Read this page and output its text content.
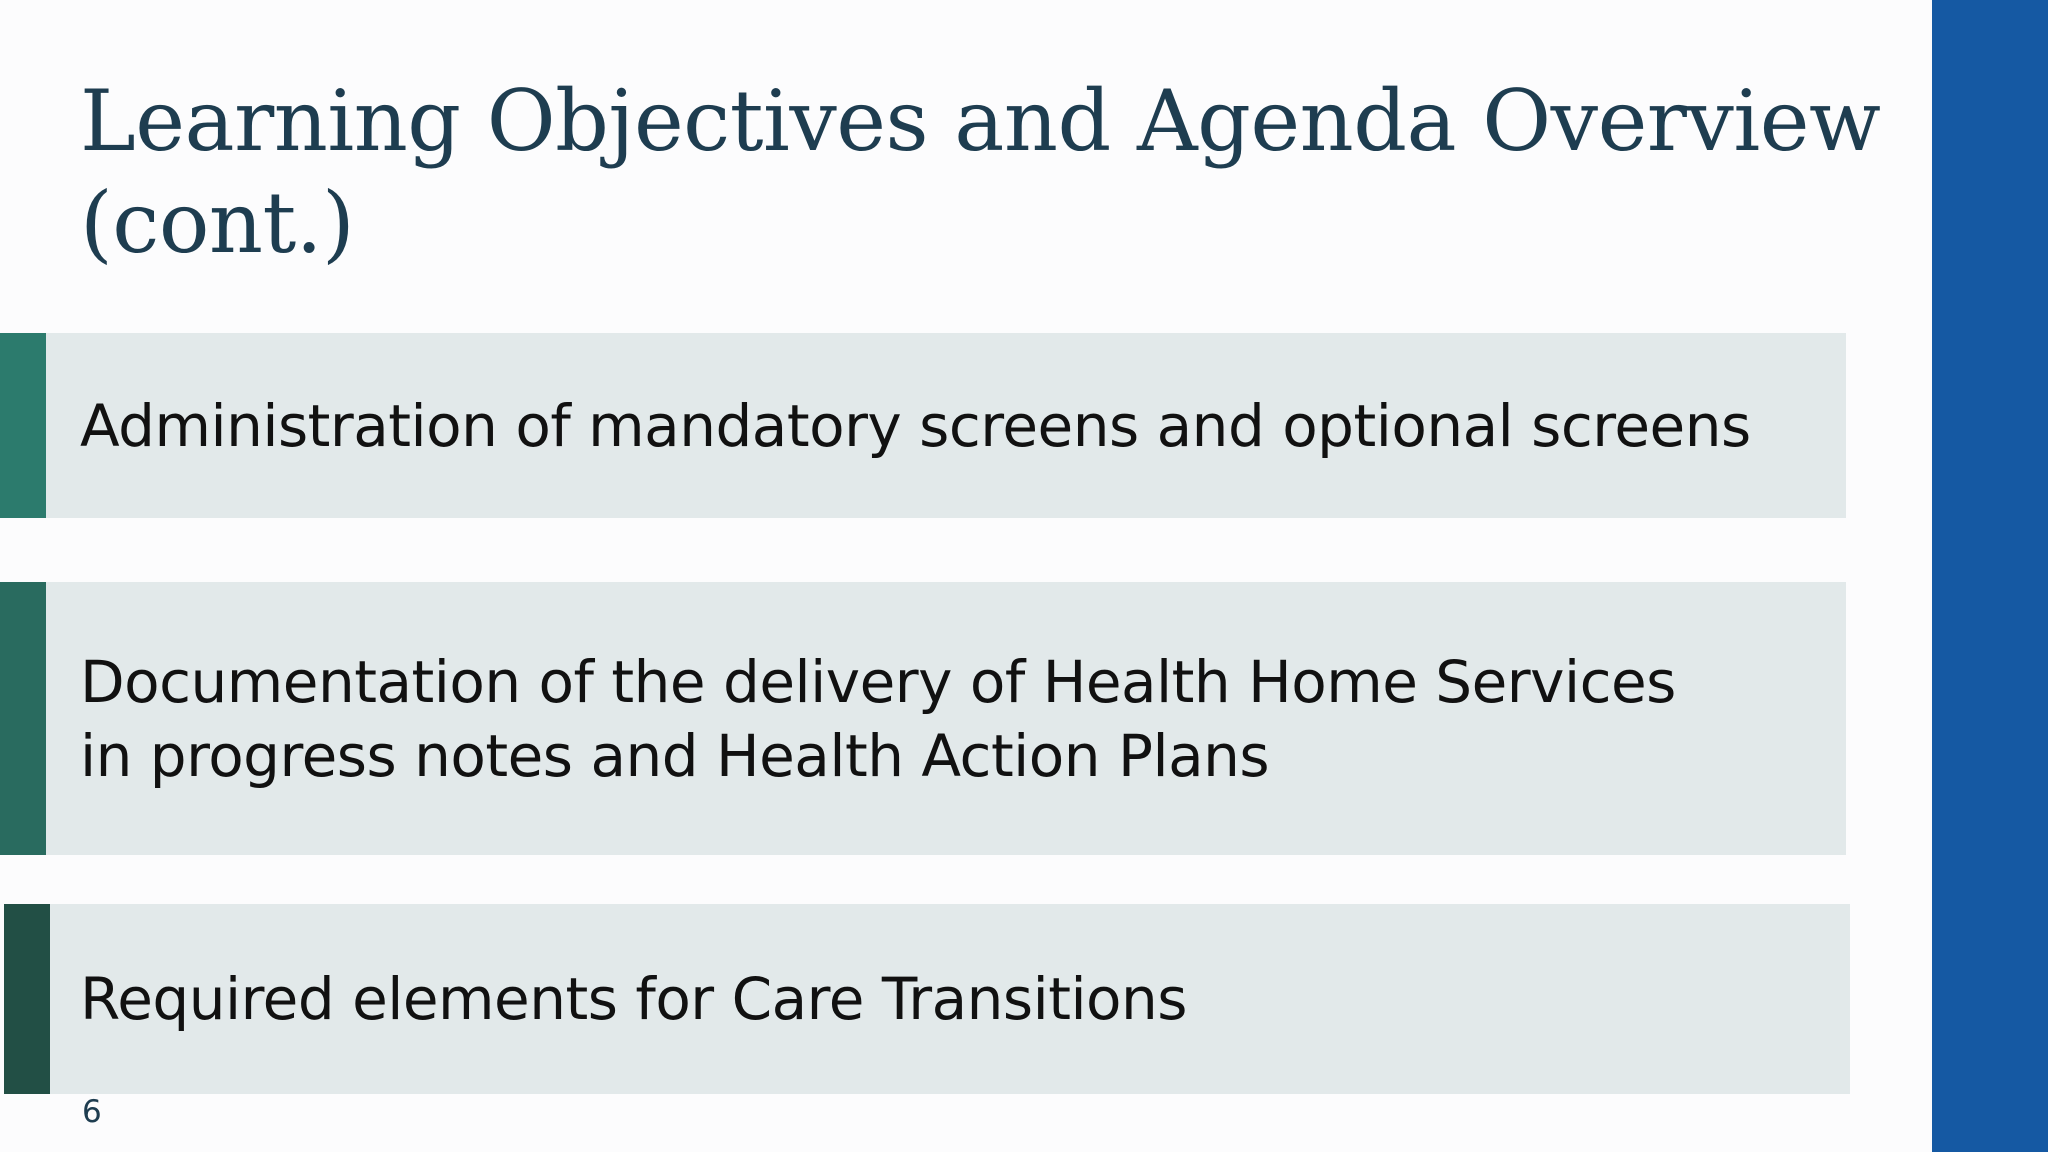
Learning Objectives and Agenda Overview
(cont.)

Administration of mandatory screens and optional screens

Documentation of the delivery of Health Home Services
in progress notes and Health Action Plans

Required elements for Care Transitions

6
